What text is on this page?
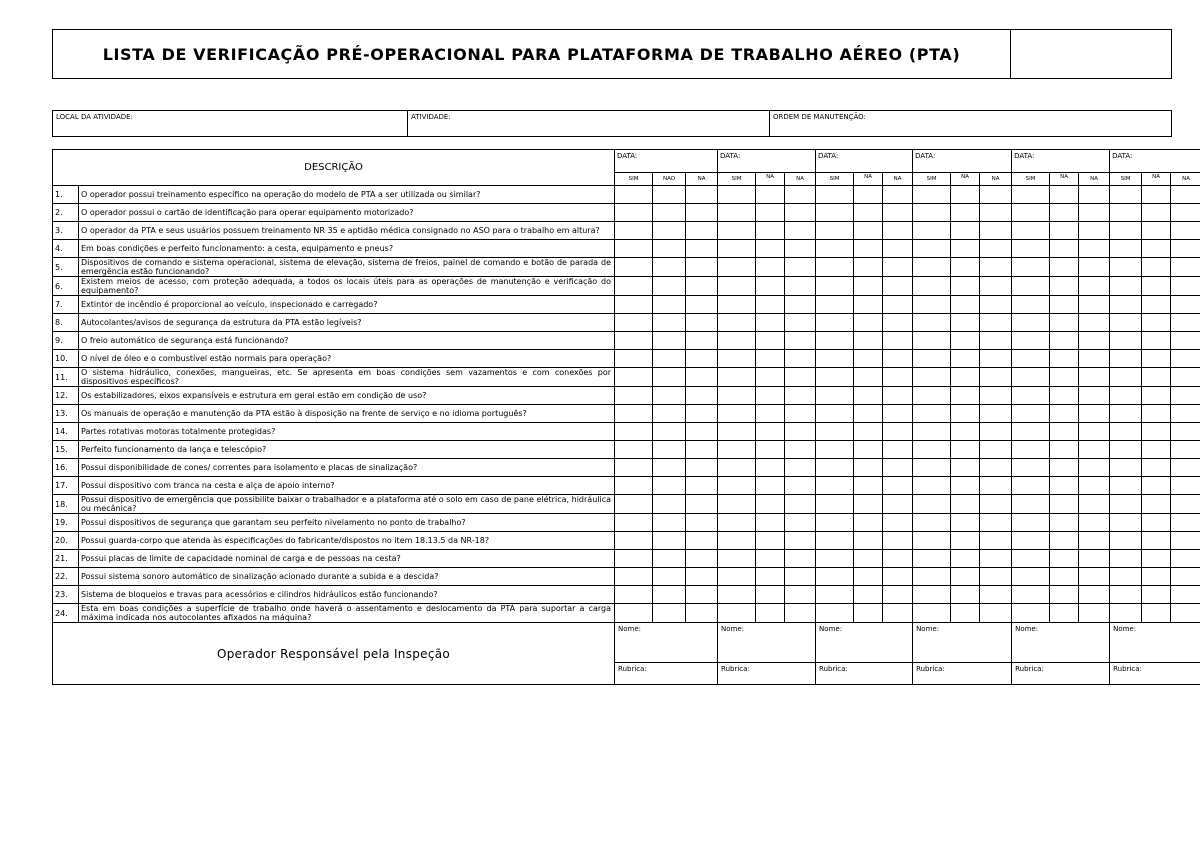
LISTA DE VERIFICAÇÃO PRÉ-OPERACIONAL PARA PLATAFORMA DE TRABALHO AÉREO (PTA)
LOCAL DA ATIVIDADE:	ATIVIDADE:	ORDEM DE MANUTENÇÃO:
DESCRIÇÃO		DATA:			DATA:			DATA:			DATA:			DATA:			DATA:		
		SIM	NAO	NA	SIM	NA	NA	SIM	NA	NA	SIM	NA	NA	SIM	NA	NA	SIM	NA	NA
1.	O operador possui treinamento específico na operação do modelo de PTA a ser utilizada ou similar?																		
2.	O operador possui o cartão de identificação para operar equipamento motorizado?																		
3.	O operador da PTA e seus usuários possuem treinamento NR 35 e aptidão médica consignado no ASO para o trabalho em altura?																		
4.	Em boas condições e perfeito funcionamento: a cesta, equipamento e pneus?																		
5.	Dispositivos de comando e sistema operacional, sistema de elevação, sistema de freios, painel de comando e botão de parada de emergência estão funcionando?																		
6.	Existem meios de acesso, com proteção adequada, a todos os locais úteis para as operações de manutenção e verificação do equipamento?																		
7.	Extintor de incêndio é proporcional ao veículo, inspecionado e carregado?																		
8.	Autocolantes/avisos de segurança da estrutura da PTA estão legíveis?																		
9.	O freio automático de segurança está funcionando?																		
10.	O nível de óleo e o combustível estão normais para operação?																		
11.	O sistema hidráulico, conexões, mangueiras, etc. Se apresenta em boas condições sem vazamentos e com conexões por dispositivos específicos?																		
12.	Os estabilizadores, eixos expansíveis e estrutura em geral estão em condição de uso?																		
13.	Os manuais de operação e manutenção da PTA estão à disposição na frente de serviço e no idioma português?																		
14.	Partes rotativas motoras totalmente protegidas?																		
15.	Perfeito funcionamento da lança e telescópio?																		
16.	Possui disponibilidade de cones/ correntes para isolamento e placas de sinalização?																		
17.	Possui dispositivo com tranca na cesta e alça de apoio interno?																		
18.	Possui dispositivo de emergência que possibilite baixar o trabalhador e a plataforma até o solo em caso de pane elétrica, hidráulica ou mecânica?																		
19.	Possui dispositivos de segurança que garantam seu perfeito nivelamento no ponto de trabalho?																		
20.	Possui guarda-corpo que atenda às especificações do fabricante/dispostos no item 18.13.5 da NR-18?																		
21.	Possui placas de limite de capacidade nominal de carga e de pessoas na cesta?																		
22.	Possui sistema sonoro automático de sinalização acionado durante a subida e a descida?																		
23.	Sistema de bloqueios e travas para acessórios e cilindros hidráulicos estão funcionando?																		
24.	Esta em boas condições a superfície de trabalho onde haverá o assentamento e deslocamento da PTA para suportar a carga máxima indicada nos autocolantes afixados na máquina?																		
Operador Responsável pela Inspeção		Nome:			Nome:			Nome:			Nome:			Nome:			Nome:		
		Rubrica:			Rubrica:			Rubrica:			Rubrica:			Rubrica:			Rubrica:		
